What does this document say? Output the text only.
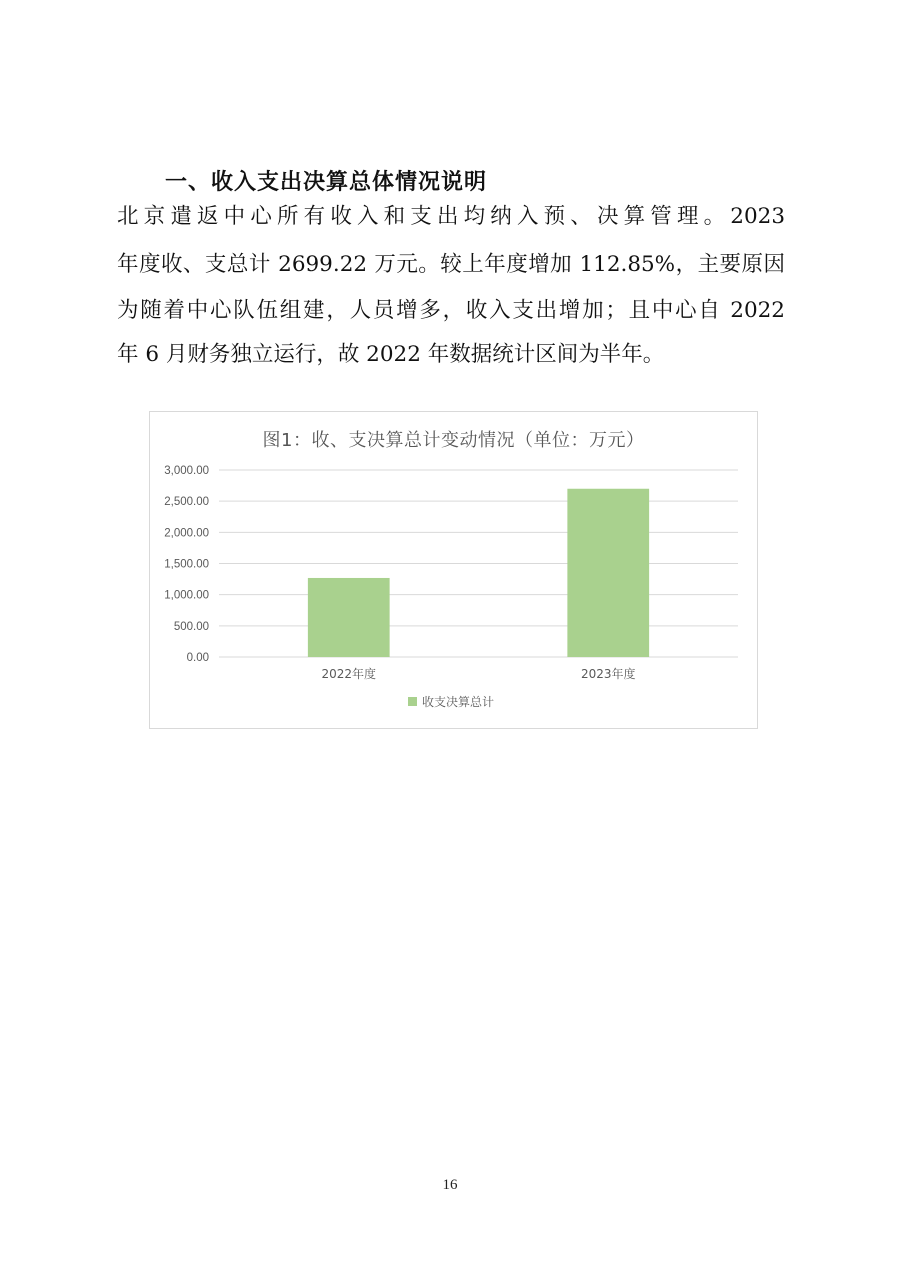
一、收入支出决算总体情况说明
北京遣返中心所有收入和支出均纳入预、决算管理。2023
年度收、支总计 2699.22 万元。较上年度增加 112.85%，主要原因
为随着中心队伍组建，人员增多，收入支出增加；且中心自 2022
年 6 月财务独立运行，故 2022 年数据统计区间为半年。
图1：收、支决算总计变动情况（单位：万元）
0.00
500.00
1,000.00
1,500.00
2,000.00
2,500.00
3,000.00
2022年度	2023年度
收支决算总计
16
